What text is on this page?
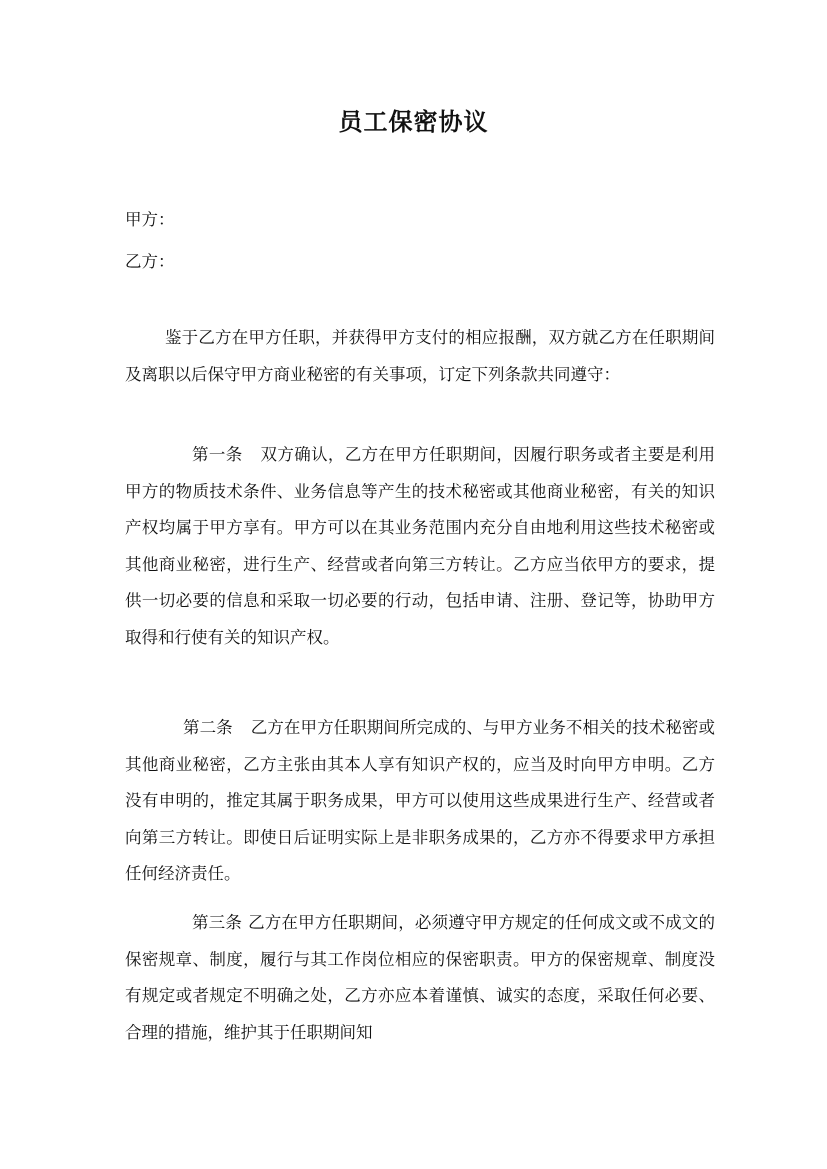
员工保密协议
甲方：
乙方：

鉴于乙方在甲方任职，并获得甲方支付的相应报酬，双方就乙方在任职期间及离职以后保守甲方商业秘密的有关事项，订定下列条款共同遵守：

第一条 双方确认，乙方在甲方任职期间，因履行职务或者主要是利用甲方的物质技术条件、业务信息等产生的技术秘密或其他商业秘密，有关的知识产权均属于甲方享有。甲方可以在其业务范围内充分自由地利用这些技术秘密或其他商业秘密，进行生产、经营或者向第三方转让。乙方应当依甲方的要求，提供一切必要的信息和采取一切必要的行动，包括申请、注册、登记等，协助甲方取得和行使有关的知识产权。

第二条 乙方在甲方任职期间所完成的、与甲方业务不相关的技术秘密或其他商业秘密，乙方主张由其本人享有知识产权的，应当及时向甲方申明。乙方没有申明的，推定其属于职务成果，甲方可以使用这些成果进行生产、经营或者向第三方转让。即使日后证明实际上是非职务成果的，乙方亦不得要求甲方承担任何经济责任。

第三条 乙方在甲方任职期间，必须遵守甲方规定的任何成文或不成文的保密规章、制度，履行与其工作岗位相应的保密职责。甲方的保密规章、制度没有规定或者规定不明确之处，乙方亦应本着谨慎、诚实的态度，采取任何必要、合理的措施，维护其于任职期间知
